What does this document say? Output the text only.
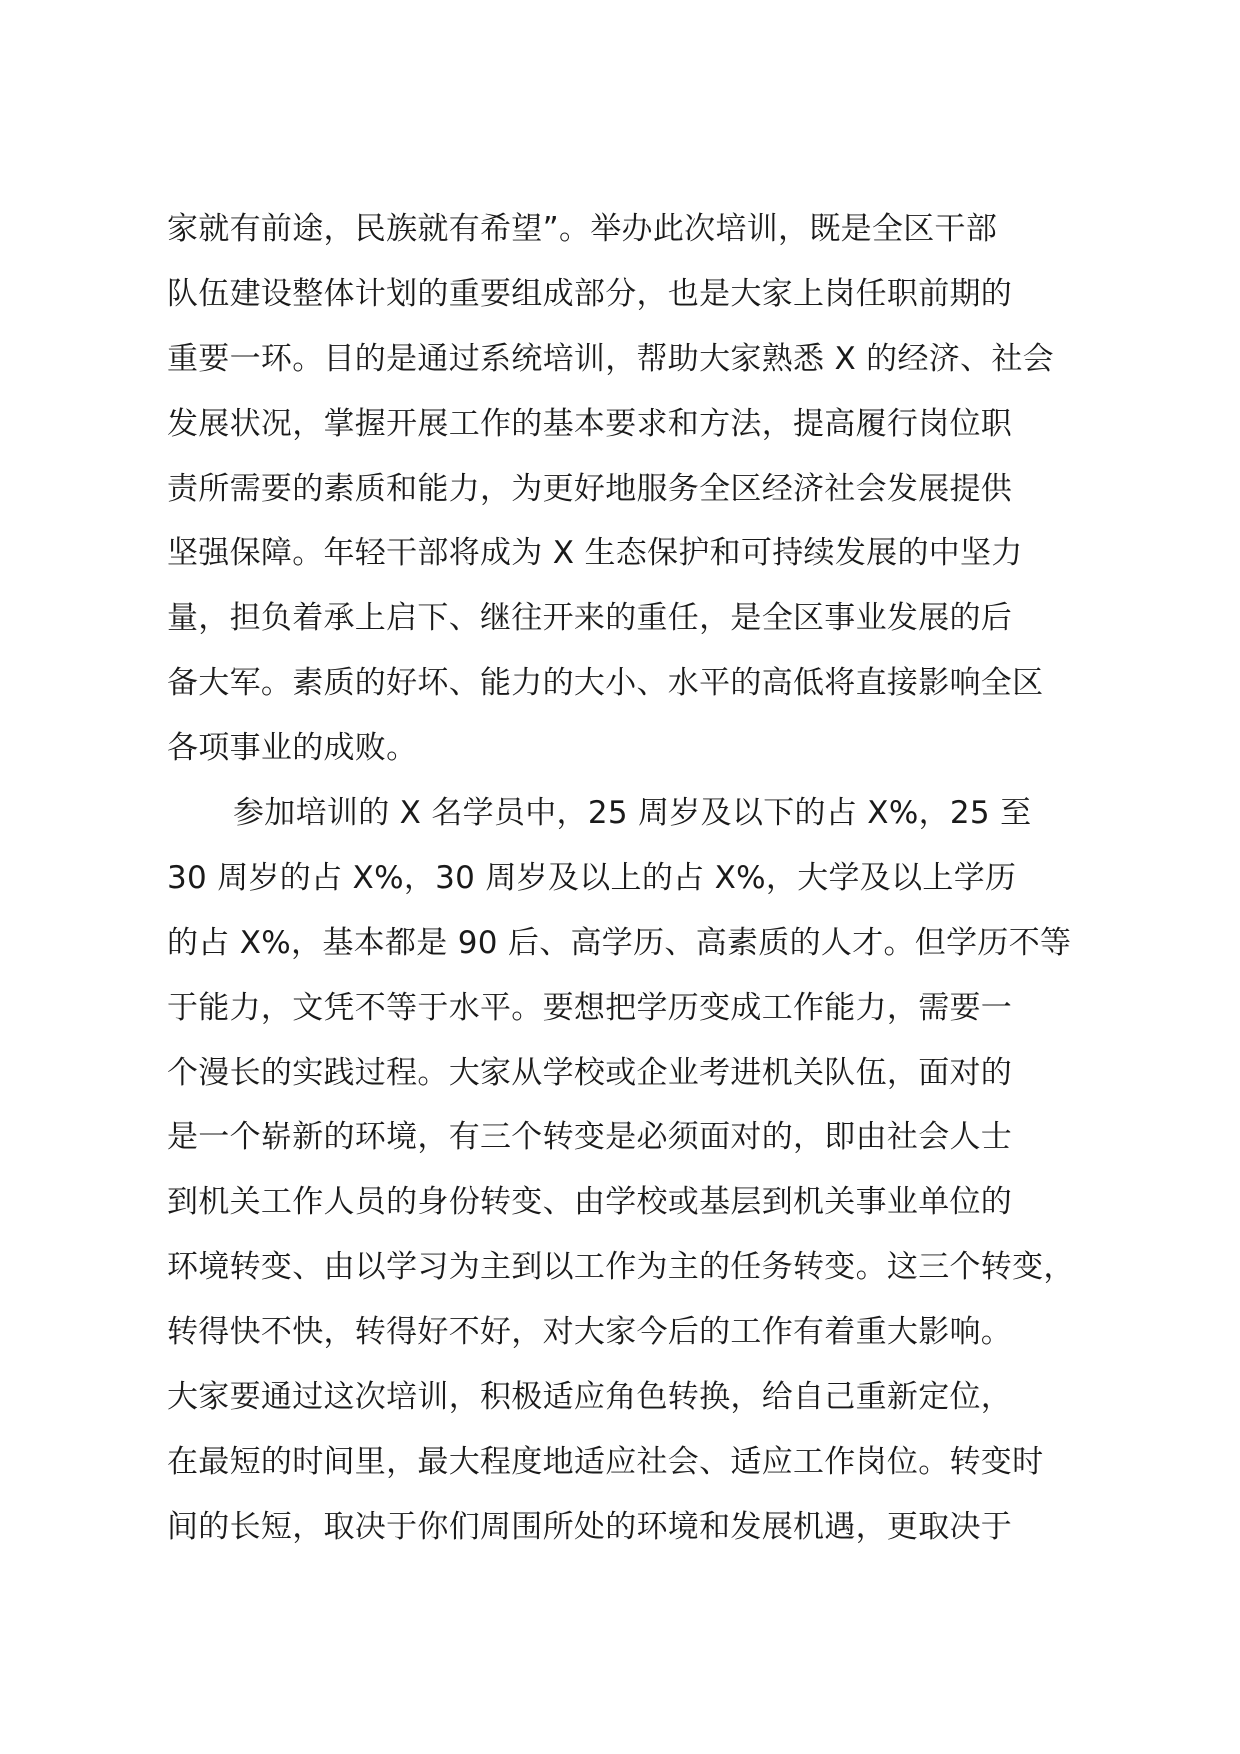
家就有前途，民族就有希望”。举办此次培训，既是全区干部
队伍建设整体计划的重要组成部分，也是大家上岗任职前期的
重要一环。目的是通过系统培训，帮助大家熟悉 X 的经济、社会
发展状况，掌握开展工作的基本要求和方法，提高履行岗位职
责所需要的素质和能力，为更好地服务全区经济社会发展提供
坚强保障。年轻干部将成为 X 生态保护和可持续发展的中坚力
量，担负着承上启下、继往开来的重任，是全区事业发展的后
备大军。素质的好坏、能力的大小、水平的高低将直接影响全区
各项事业的成败。
参加培训的 X 名学员中，25 周岁及以下的占 X%，25 至
30 周岁的占 X%，30 周岁及以上的占 X%，大学及以上学历
的占 X%，基本都是 90 后、高学历、高素质的人才。但学历不等
于能力，文凭不等于水平。要想把学历变成工作能力，需要一
个漫长的实践过程。大家从学校或企业考进机关队伍，面对的
是一个崭新的环境，有三个转变是必须面对的，即由社会人士
到机关工作人员的身份转变、由学校或基层到机关事业单位的
环境转变、由以学习为主到以工作为主的任务转变。这三个转变，
转得快不快，转得好不好，对大家今后的工作有着重大影响。
大家要通过这次培训，积极适应角色转换，给自己重新定位，
在最短的时间里，最大程度地适应社会、适应工作岗位。转变时
间的长短，取决于你们周围所处的环境和发展机遇，更取决于
